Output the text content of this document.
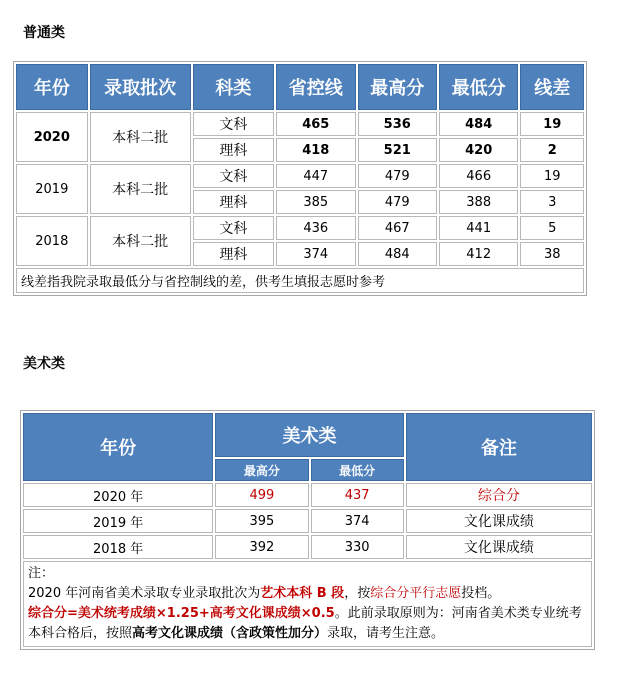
普通类
年份	录取批次	科类	省控线	最高分	最低分	线差
2020	本科二批	文科	465	536	484	19
		理科	418	521	420	2
2019	本科二批	文科	447	479	466	19
		理科	385	479	388	3
2018	本科二批	文科	436	467	441	5
		理科	374	484	412	38
线差指我院录取最低分与省控制线的差，供考生填报志愿时参考						
美术类
年份	美术类		备注
	最高分	最低分	
2020 年	499	437	综合分
2019 年	395	374	文化课成绩
2018 年	392	330	文化课成绩
注：
2020 年河南省美术录取专业录取批次为艺术本科 B 段，按综合分平行志愿投档。
综合分=美术统考成绩×1.25+高考文化课成绩×0.5。此前录取原则为：河南省美术类专业统考本科合格后，按照高考文化课成绩（含政策性加分）录取，请考生注意。			
